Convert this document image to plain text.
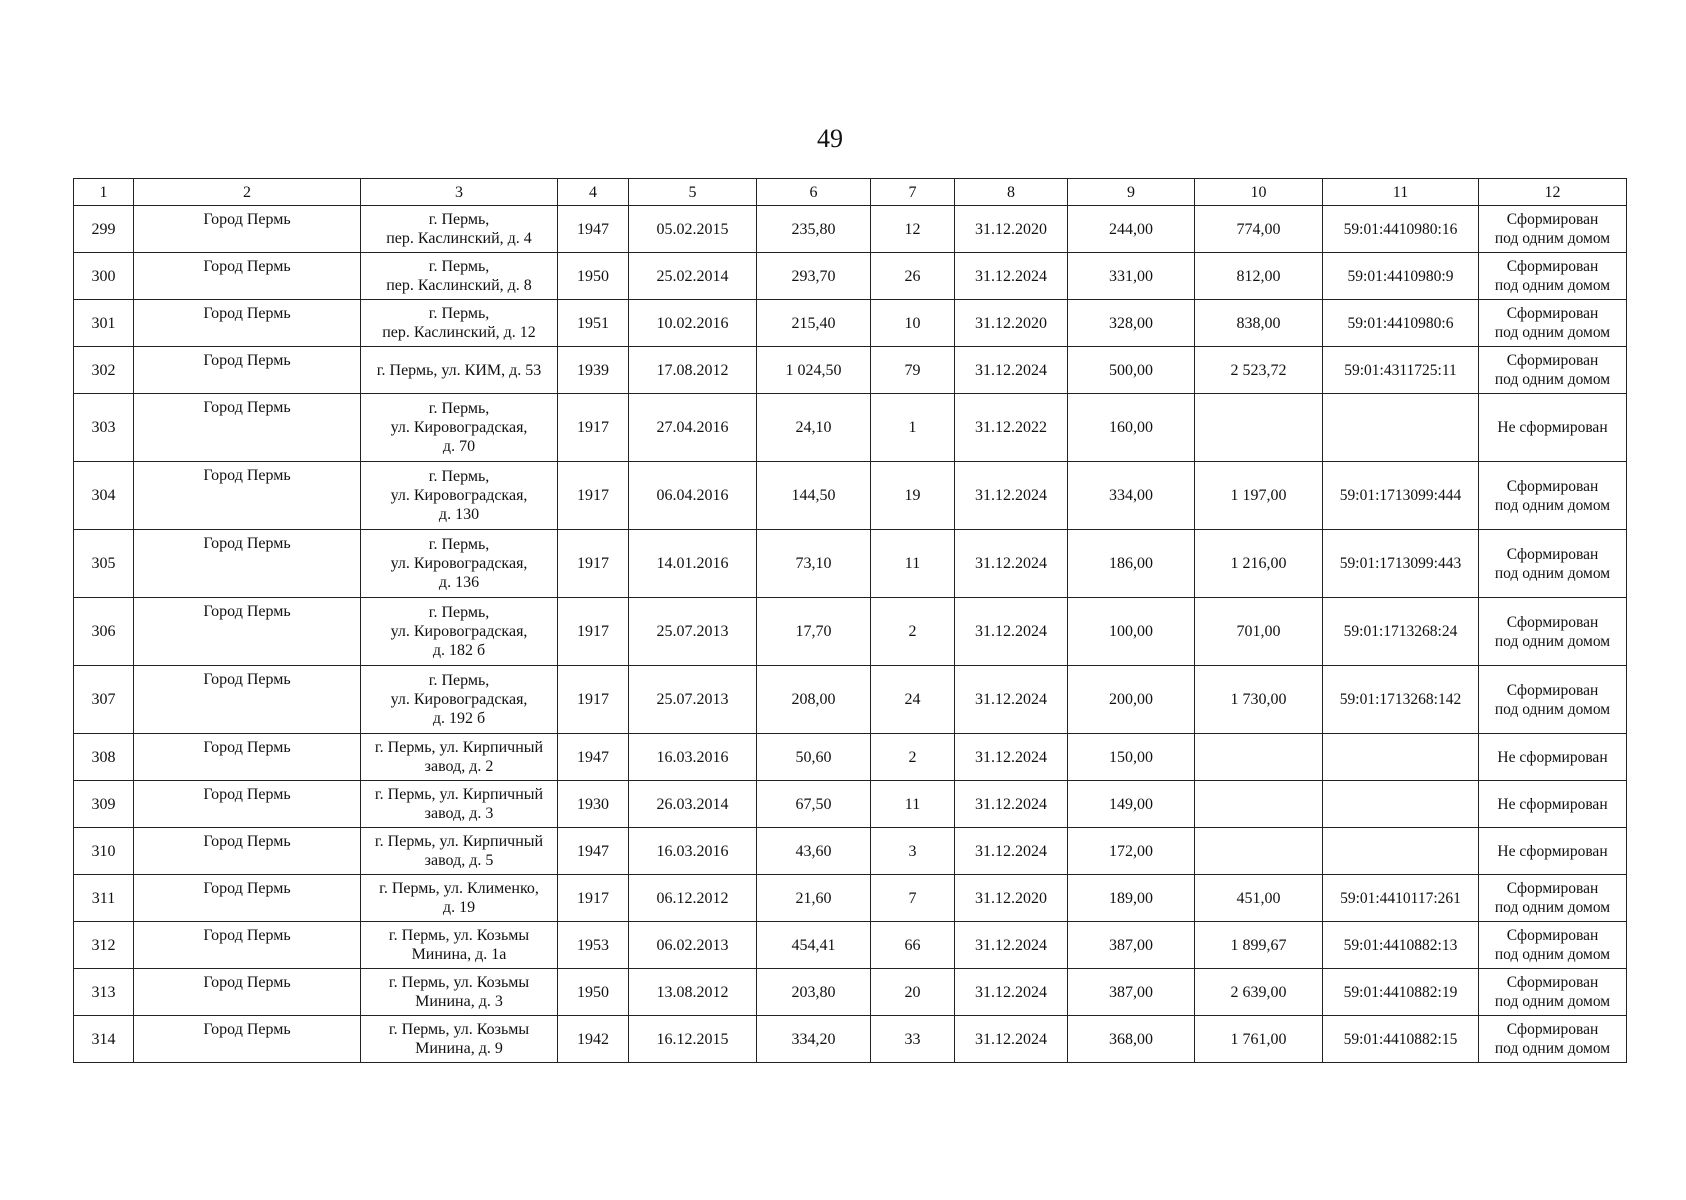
49
1	2	3	4	5	6	7	8	9	10	11	12
299	Город Пермь	г. Пермь,
пер. Каслинский, д. 4	1947	05.02.2015	235,80	12	31.12.2020	244,00	774,00	59:01:4410980:16	Сформирован
под одним домом

300	Город Пермь	г. Пермь,
пер. Каслинский, д. 8	1950	25.02.2014	293,70	26	31.12.2024	331,00	812,00	59:01:4410980:9	Сформирован
под одним домом

301	Город Пермь	г. Пермь,
пер. Каслинский, д. 12	1951	10.02.2016	215,40	10	31.12.2020	328,00	838,00	59:01:4410980:6	Сформирован
под одним домом

302	Город Пермь	г. Пермь, ул. КИМ, д. 53	1939	17.08.2012	1 024,50	79	31.12.2024	500,00	2 523,72	59:01:4311725:11	Сформирован
под одним домом

303	Город Пермь	г. Пермь,
ул. Кировоградская,
д. 70	1917	27.04.2016	24,10	1	31.12.2022	160,00			Не сформирован

304	Город Пермь	г. Пермь,
ул. Кировоградская,
д. 130	1917	06.04.2016	144,50	19	31.12.2024	334,00	1 197,00	59:01:1713099:444	Сформирован
под одним домом

305	Город Пермь	г. Пермь,
ул. Кировоградская,
д. 136	1917	14.01.2016	73,10	11	31.12.2024	186,00	1 216,00	59:01:1713099:443	Сформирован
под одним домом

306	Город Пермь	г. Пермь,
ул. Кировоградская,
д. 182 б	1917	25.07.2013	17,70	2	31.12.2024	100,00	701,00	59:01:1713268:24	Сформирован
под одним домом

307	Город Пермь	г. Пермь,
ул. Кировоградская,
д. 192 б	1917	25.07.2013	208,00	24	31.12.2024	200,00	1 730,00	59:01:1713268:142	Сформирован
под одним домом

308	Город Пермь	г. Пермь, ул. Кирпичный
завод, д. 2	1947	16.03.2016	50,60	2	31.12.2024	150,00			Не сформирован

309	Город Пермь	г. Пермь, ул. Кирпичный
завод, д. 3	1930	26.03.2014	67,50	11	31.12.2024	149,00			Не сформирован

310	Город Пермь	г. Пермь, ул. Кирпичный
завод, д. 5	1947	16.03.2016	43,60	3	31.12.2024	172,00			Не сформирован

311	Город Пермь	г. Пермь, ул. Клименко,
д. 19	1917	06.12.2012	21,60	7	31.12.2020	189,00	451,00	59:01:4410117:261	Сформирован
под одним домом

312	Город Пермь	г. Пермь, ул. Козьмы
Минина, д. 1а	1953	06.02.2013	454,41	66	31.12.2024	387,00	1 899,67	59:01:4410882:13	Сформирован
под одним домом

313	Город Пермь	г. Пермь, ул. Козьмы
Минина, д. 3	1950	13.08.2012	203,80	20	31.12.2024	387,00	2 639,00	59:01:4410882:19	Сформирован
под одним домом

314	Город Пермь	г. Пермь, ул. Козьмы
Минина, д. 9	1942	16.12.2015	334,20	33	31.12.2024	368,00	1 761,00	59:01:4410882:15	Сформирован
под одним домом
